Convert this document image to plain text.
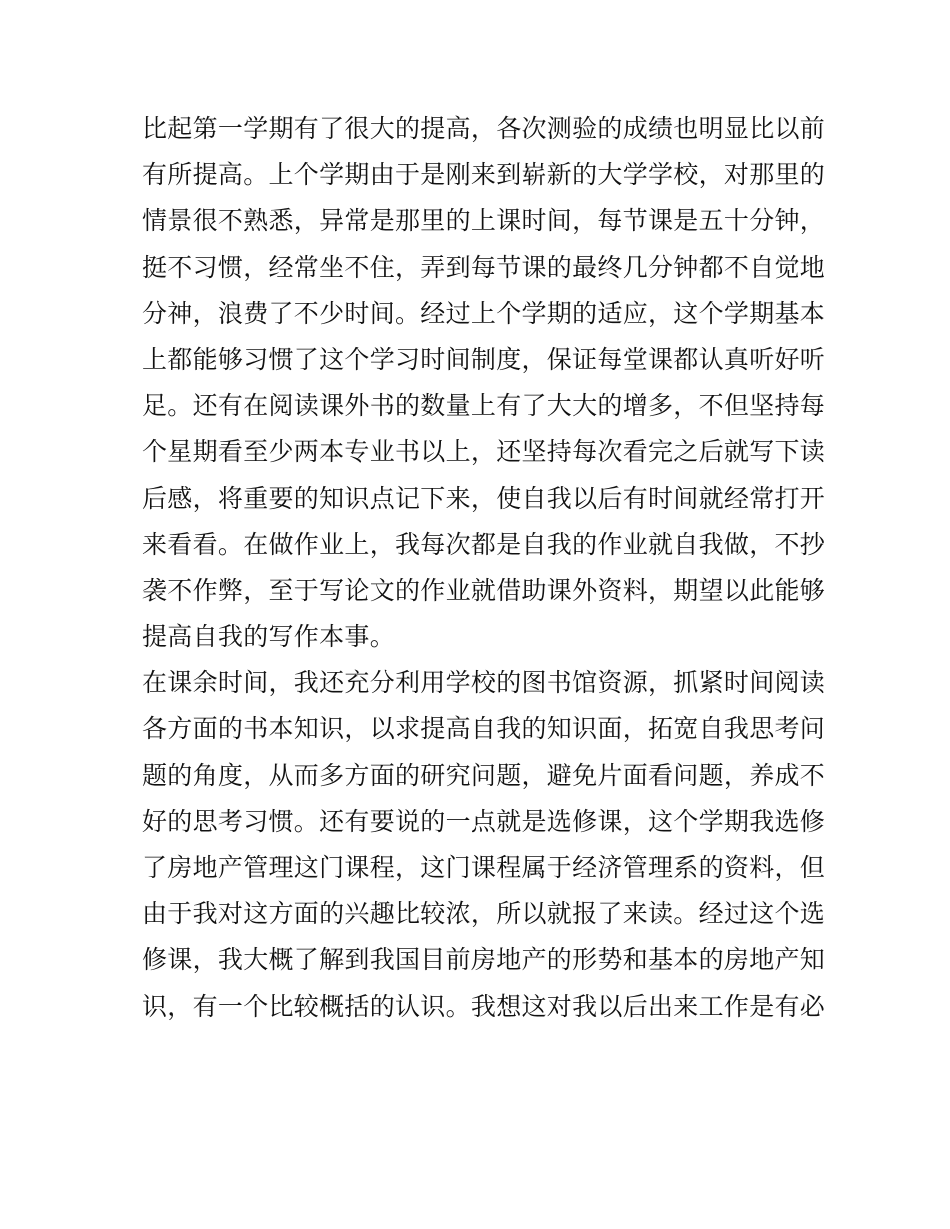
比起第一学期有了很大的提高，各次测验的成绩也明显比以前
有所提高。上个学期由于是刚来到崭新的大学学校，对那里的
情景很不熟悉，异常是那里的上课时间，每节课是五十分钟，
挺不习惯，经常坐不住，弄到每节课的最终几分钟都不自觉地
分神，浪费了不少时间。经过上个学期的适应，这个学期基本
上都能够习惯了这个学习时间制度，保证每堂课都认真听好听
足。还有在阅读课外书的数量上有了大大的增多，不但坚持每
个星期看至少两本专业书以上，还坚持每次看完之后就写下读
后感，将重要的知识点记下来，使自我以后有时间就经常打开
来看看。在做作业上，我每次都是自我的作业就自我做，不抄
袭不作弊，至于写论文的作业就借助课外资料，期望以此能够
提高自我的写作本事。
在课余时间，我还充分利用学校的图书馆资源，抓紧时间阅读
各方面的书本知识，以求提高自我的知识面，拓宽自我思考问
题的角度，从而多方面的研究问题，避免片面看问题，养成不
好的思考习惯。还有要说的一点就是选修课，这个学期我选修
了房地产管理这门课程，这门课程属于经济管理系的资料，但
由于我对这方面的兴趣比较浓，所以就报了来读。经过这个选
修课，我大概了解到我国目前房地产的形势和基本的房地产知
识，有一个比较概括的认识。我想这对我以后出来工作是有必
